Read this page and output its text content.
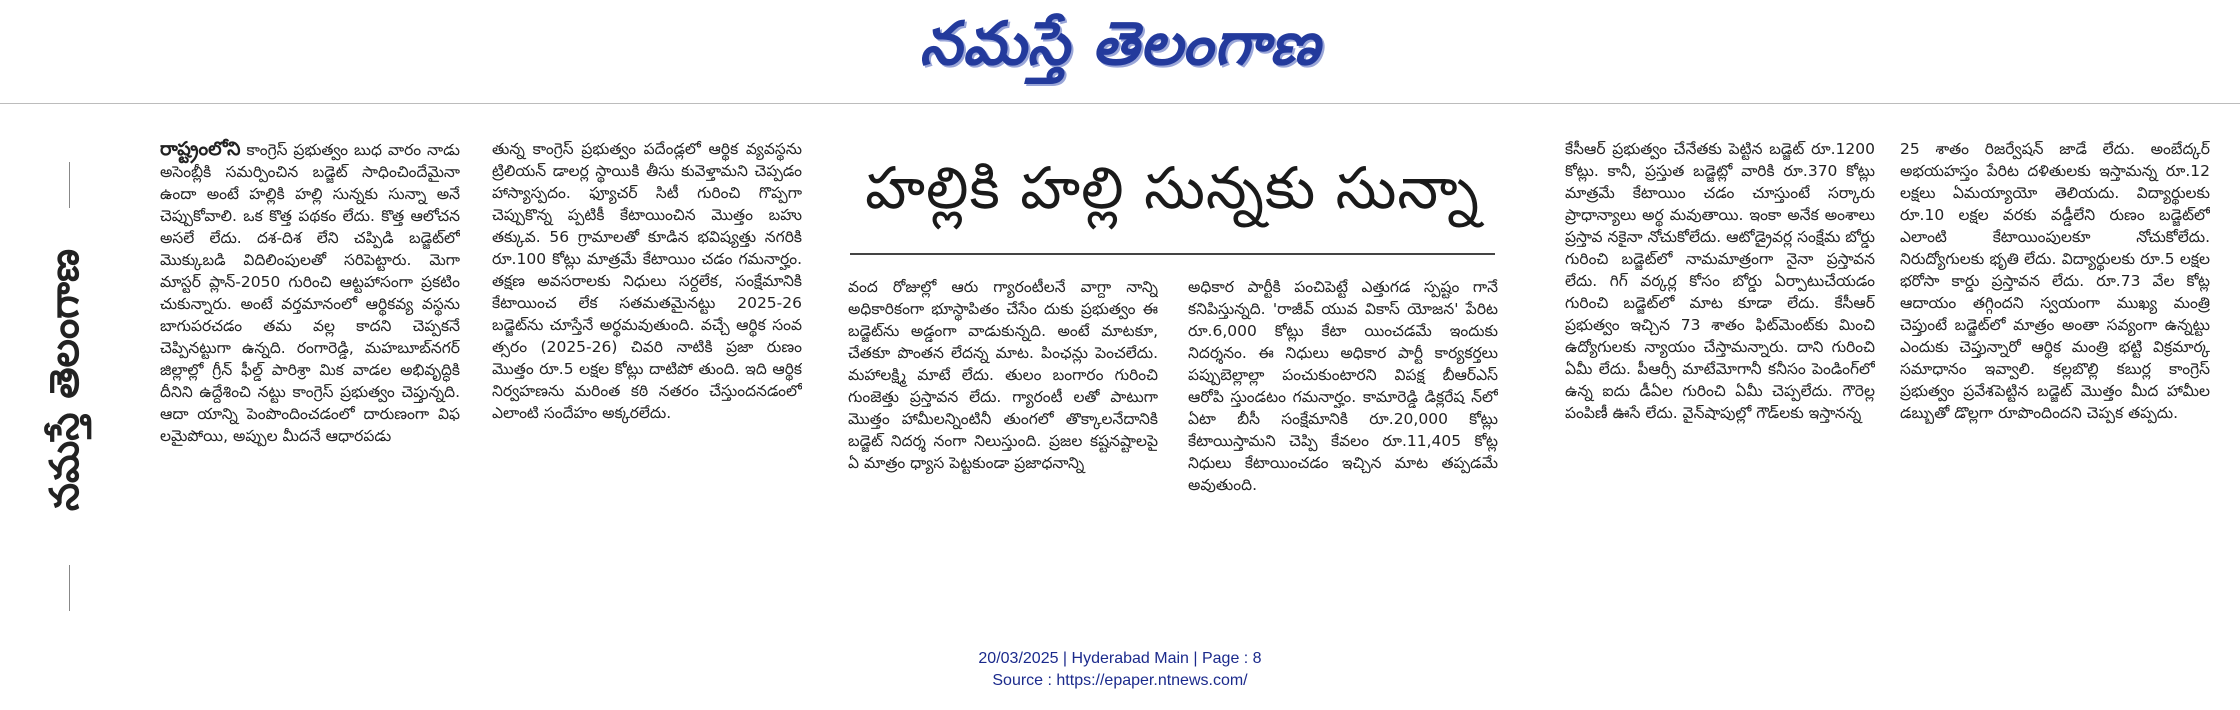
నమస్తే తెలంగాణ
నమస్తే తెలంగాణ

రాష్ట్రంలోని కాంగ్రెస్ ప్రభుత్వం బుధ వారం నాడు అసెంబ్లీకి సమర్పించిన బడ్జెట్ సాధించిందేమైనా ఉందా అంటే హల్లికి హల్లి సున్నకు సున్నా అనే చెప్పుకోవాలి. ఒక కొత్త పథకం లేదు. కొత్త ఆలోచన అసలే లేదు. దశ-దిశ లేని చప్పిడి బడ్జెట్‌లో మొక్కుబడి విదిలింపులతో సరిపెట్టారు. మెగా మాస్టర్ ప్లాన్-2050 గురించి ఆట్టహాసంగా ప్రకటిం చుకున్నారు. అంటే వర్తమానంలో ఆర్థికవ్య వస్థను బాగుపరచడం తమ వల్ల కాదని చెప్పకనే చెప్పినట్టుగా ఉన్నది. రంగారెడ్డి, మహబూబ్‌నగర్ జిల్లాల్లో గ్రీన్ ఫీల్డ్ పారిశ్రా మిక వాడల అభివృద్ధికి దీనిని ఉద్దేశించి నట్టు కాంగ్రెస్ ప్రభుత్వం చెప్తున్నది. ఆదా యాన్ని పెంపొందించడంలో దారుణంగా విఫ లమైపోయి, అప్పుల మీదనే ఆధారపడు

తున్న కాంగ్రెస్ ప్రభుత్వం పదేండ్లలో ఆర్థిక వ్యవస్థను ట్రిలియన్ డాలర్ల స్థాయికి తీసు కువెళ్తామని చెప్పడం హాస్యాస్పదం. ఫ్యూచర్ సిటీ గురించి గొప్పగా చెప్పుకొన్న ప్పటికీ కేటాయించిన మొత్తం బహు తక్కువ. 56 గ్రామాలతో కూడిన భవిష్యత్తు నగరికి రూ.100 కోట్లు మాత్రమే కేటాయిం చడం గమనార్హం. తక్షణ అవసరాలకు నిధులు సర్దలేక, సంక్షేమానికి కేటాయించ లేక సతమతమైనట్టు 2025-26 బడ్జెట్‌ను చూస్తేనే అర్థమవుతుంది. వచ్చే ఆర్థిక సంవ త్సరం (2025-26) చివరి నాటికి ప్రజా రుణం మొత్తం రూ.5 లక్షల కోట్లు దాటిపో తుంది. ఇది ఆర్థిక నిర్వహణను మరింత కఠి నతరం చేస్తుందనడంలో ఎలాంటి సందేహం అక్కరలేదు.

హల్లికి హల్లి సున్నకు సున్నా

వంద రోజుల్లో ఆరు గ్యారంటీలనే వాగ్దా నాన్ని అధికారికంగా భూస్థాపితం చేసేం దుకు ప్రభుత్వం ఈ బడ్జెట్‌ను అడ్డంగా వాడుకున్నది. అంటే మాటకూ, చేతకూ పొంతన లేదన్న మాట. పింఛన్లు పెంచలేదు. మహాలక్ష్మి మాటే లేదు. తులం బంగారం గురించి గుంజెత్తు ప్రస్తావన లేదు. గ్యారంటీ లతో పాటుగా మొత్తం హామీలన్నింటినీ తుంగలో తొక్కాలనేదానికి బడ్జెట్ నిదర్శ నంగా నిలుస్తుంది. ప్రజల కష్టనష్టాలపై ఏ మాత్రం ధ్యాస పెట్టకుండా ప్రజాధనాన్ని

అధికార పార్టీకి పంచిపెట్టే ఎత్తుగడ స్పష్టం గానే కనిపిస్తున్నది. 'రాజీవ్ యువ వికాస్ యోజన' పేరిట రూ.6,000 కోట్లు కేటా యించడమే ఇందుకు నిదర్శనం. ఈ నిధులు అధికార పార్టీ కార్యకర్తలు పప్పుబెల్లాల్లా పంచుకుంటారని విపక్ష బీఆర్‌ఎస్ ఆరోపి స్తుండటం గమనార్హం. కామారెడ్డి డిక్లరేష న్‌లో ఏటా బీసీ సంక్షేమానికి రూ.20,000 కోట్లు కేటాయిస్తామని చెప్పి కేవలం రూ.11,405 కోట్ల నిధులు కేటాయించడం ఇచ్చిన మాట తప్పడమే అవుతుంది.

కేసీఆర్ ప్రభుత్వం చేనేతకు పెట్టిన బడ్జెట్ రూ.1200 కోట్లు. కానీ, ప్రస్తుత బడ్జెట్లో వారికి రూ.370 కోట్లు మాత్రమే కేటాయిం చడం చూస్తుంటే సర్కారు ప్రాధాన్యాలు అర్థ మవుతాయి. ఇంకా అనేక అంశాలు ప్రస్తావ నకైనా నోచుకోలేదు. ఆటోడ్రైవర్ల సంక్షేమ బోర్డు గురించి బడ్జెట్‌లో నామమాత్రంగా నైనా ప్రస్తావన లేదు. గిగ్ వర్కర్ల కోసం బోర్డు ఏర్పాటుచేయడం గురించి బడ్జెట్‌లో మాట కూడా లేదు. కేసీఆర్ ప్రభుత్వం ఇచ్చిన 73 శాతం ఫిట్‌మెంట్‌కు మించి ఉద్యోగులకు న్యాయం చేస్తామన్నారు. దాని గురించి ఏమీ లేదు. పీఆర్సీ మాటేమోగానీ కనీసం పెండింగ్‌లో ఉన్న ఐదు డీఏల గురించి ఏమీ చెప్పలేదు. గౌరెల్ల పంపిణీ ఊసే లేదు. వైన్‌షాపుల్లో గౌడ్‌లకు ఇస్తానన్న

25 శాతం రిజర్వేషన్ జాడే లేదు. అంబేద్కర్ అభయహస్తం పేరిట దళితులకు ఇస్తామన్న రూ.12 లక్షలు ఏమయ్యాయో తెలియదు. విద్యార్థులకు రూ.10 లక్షల వరకు వడ్డీలేని రుణం బడ్జెట్‌లో ఎలాంటి కేటాయింపులకూ నోచుకోలేదు. నిరుద్యోగులకు భృతి లేదు. విద్యార్థులకు రూ.5 లక్షల భరోసా కార్డు ప్రస్తావన లేదు. రూ.73 వేల కోట్ల ఆదాయం తగ్గిందని స్వయంగా ముఖ్య మంత్రి చెప్తుంటే బడ్జెట్‌లో మాత్రం అంతా సవ్యంగా ఉన్నట్టు ఎందుకు చెప్తున్నారో ఆర్థిక మంత్రి భట్టి విక్రమార్క సమాధానం ఇవ్వాలి. కల్లబొల్లి కబుర్ల కాంగ్రెస్ ప్రభుత్వం ప్రవేశపెట్టిన బడ్జెట్ మొత్తం మీద హామీల డబ్బుతో డొల్లగా రూపొందిందని చెప్పక తప్పదు.

20/03/2025 | Hyderabad Main | Page : 8
Source : https://epaper.ntnews.com/
